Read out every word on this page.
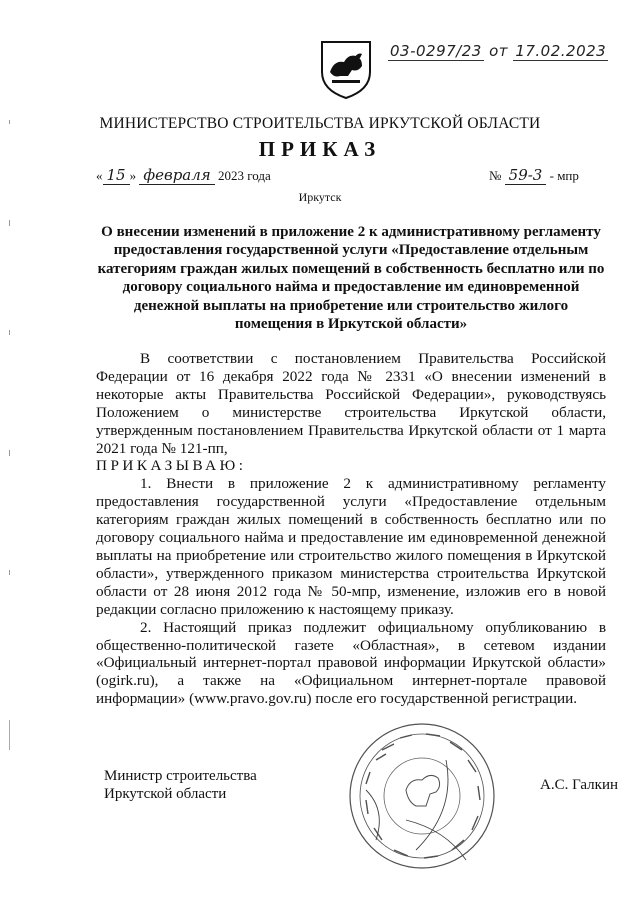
03-0297/23 от 17.02.2023
МИНИСТЕРСТВО СТРОИТЕЛЬСТВА ИРКУТСКОЙ ОБЛАСТИ
ПРИКАЗ
« 15 » февраля 2023 года	№ 59-3 - мпр
Иркутск
О внесении изменений в приложение 2 к административному регламенту предоставления государственной услуги «Предоставление отдельным категориям граждан жилых помещений в собственность бесплатно или по договору социального найма и предоставление им единовременной денежной выплаты на приобретение или строительство жилого помещения в Иркутской области»

В соответствии с постановлением Правительства Российской Федерации от 16 декабря 2022 года № 2331 «О внесении изменений в некоторые акты Правительства Российской Федерации», руководствуясь Положением о министерстве строительства Иркутской области, утвержденным постановлением Правительства Иркутской области от 1 марта 2021 года № 121-пп,

ПРИКАЗЫВАЮ:

1. Внести в приложение 2 к административному регламенту предоставления государственной услуги «Предоставление отдельным категориям граждан жилых помещений в собственность бесплатно или по договору социального найма и предоставление им единовременной денежной выплаты на приобретение или строительство жилого помещения в Иркутской области», утвержденного приказом министерства строительства Иркутской области от 28 июня 2012 года № 50-мпр, изменение, изложив его в новой редакции согласно приложению к настоящему приказу.

2. Настоящий приказ подлежит официальному опубликованию в общественно-политической газете «Областная», в сетевом издании «Официальный интернет-портал правовой информации Иркутской области» (ogirk.ru), а также на «Официальном интернет-портале правовой информации» (www.pravo.gov.ru) после его государственной регистрации.

Министр строительства
Иркутской области
А.С. Галкин
